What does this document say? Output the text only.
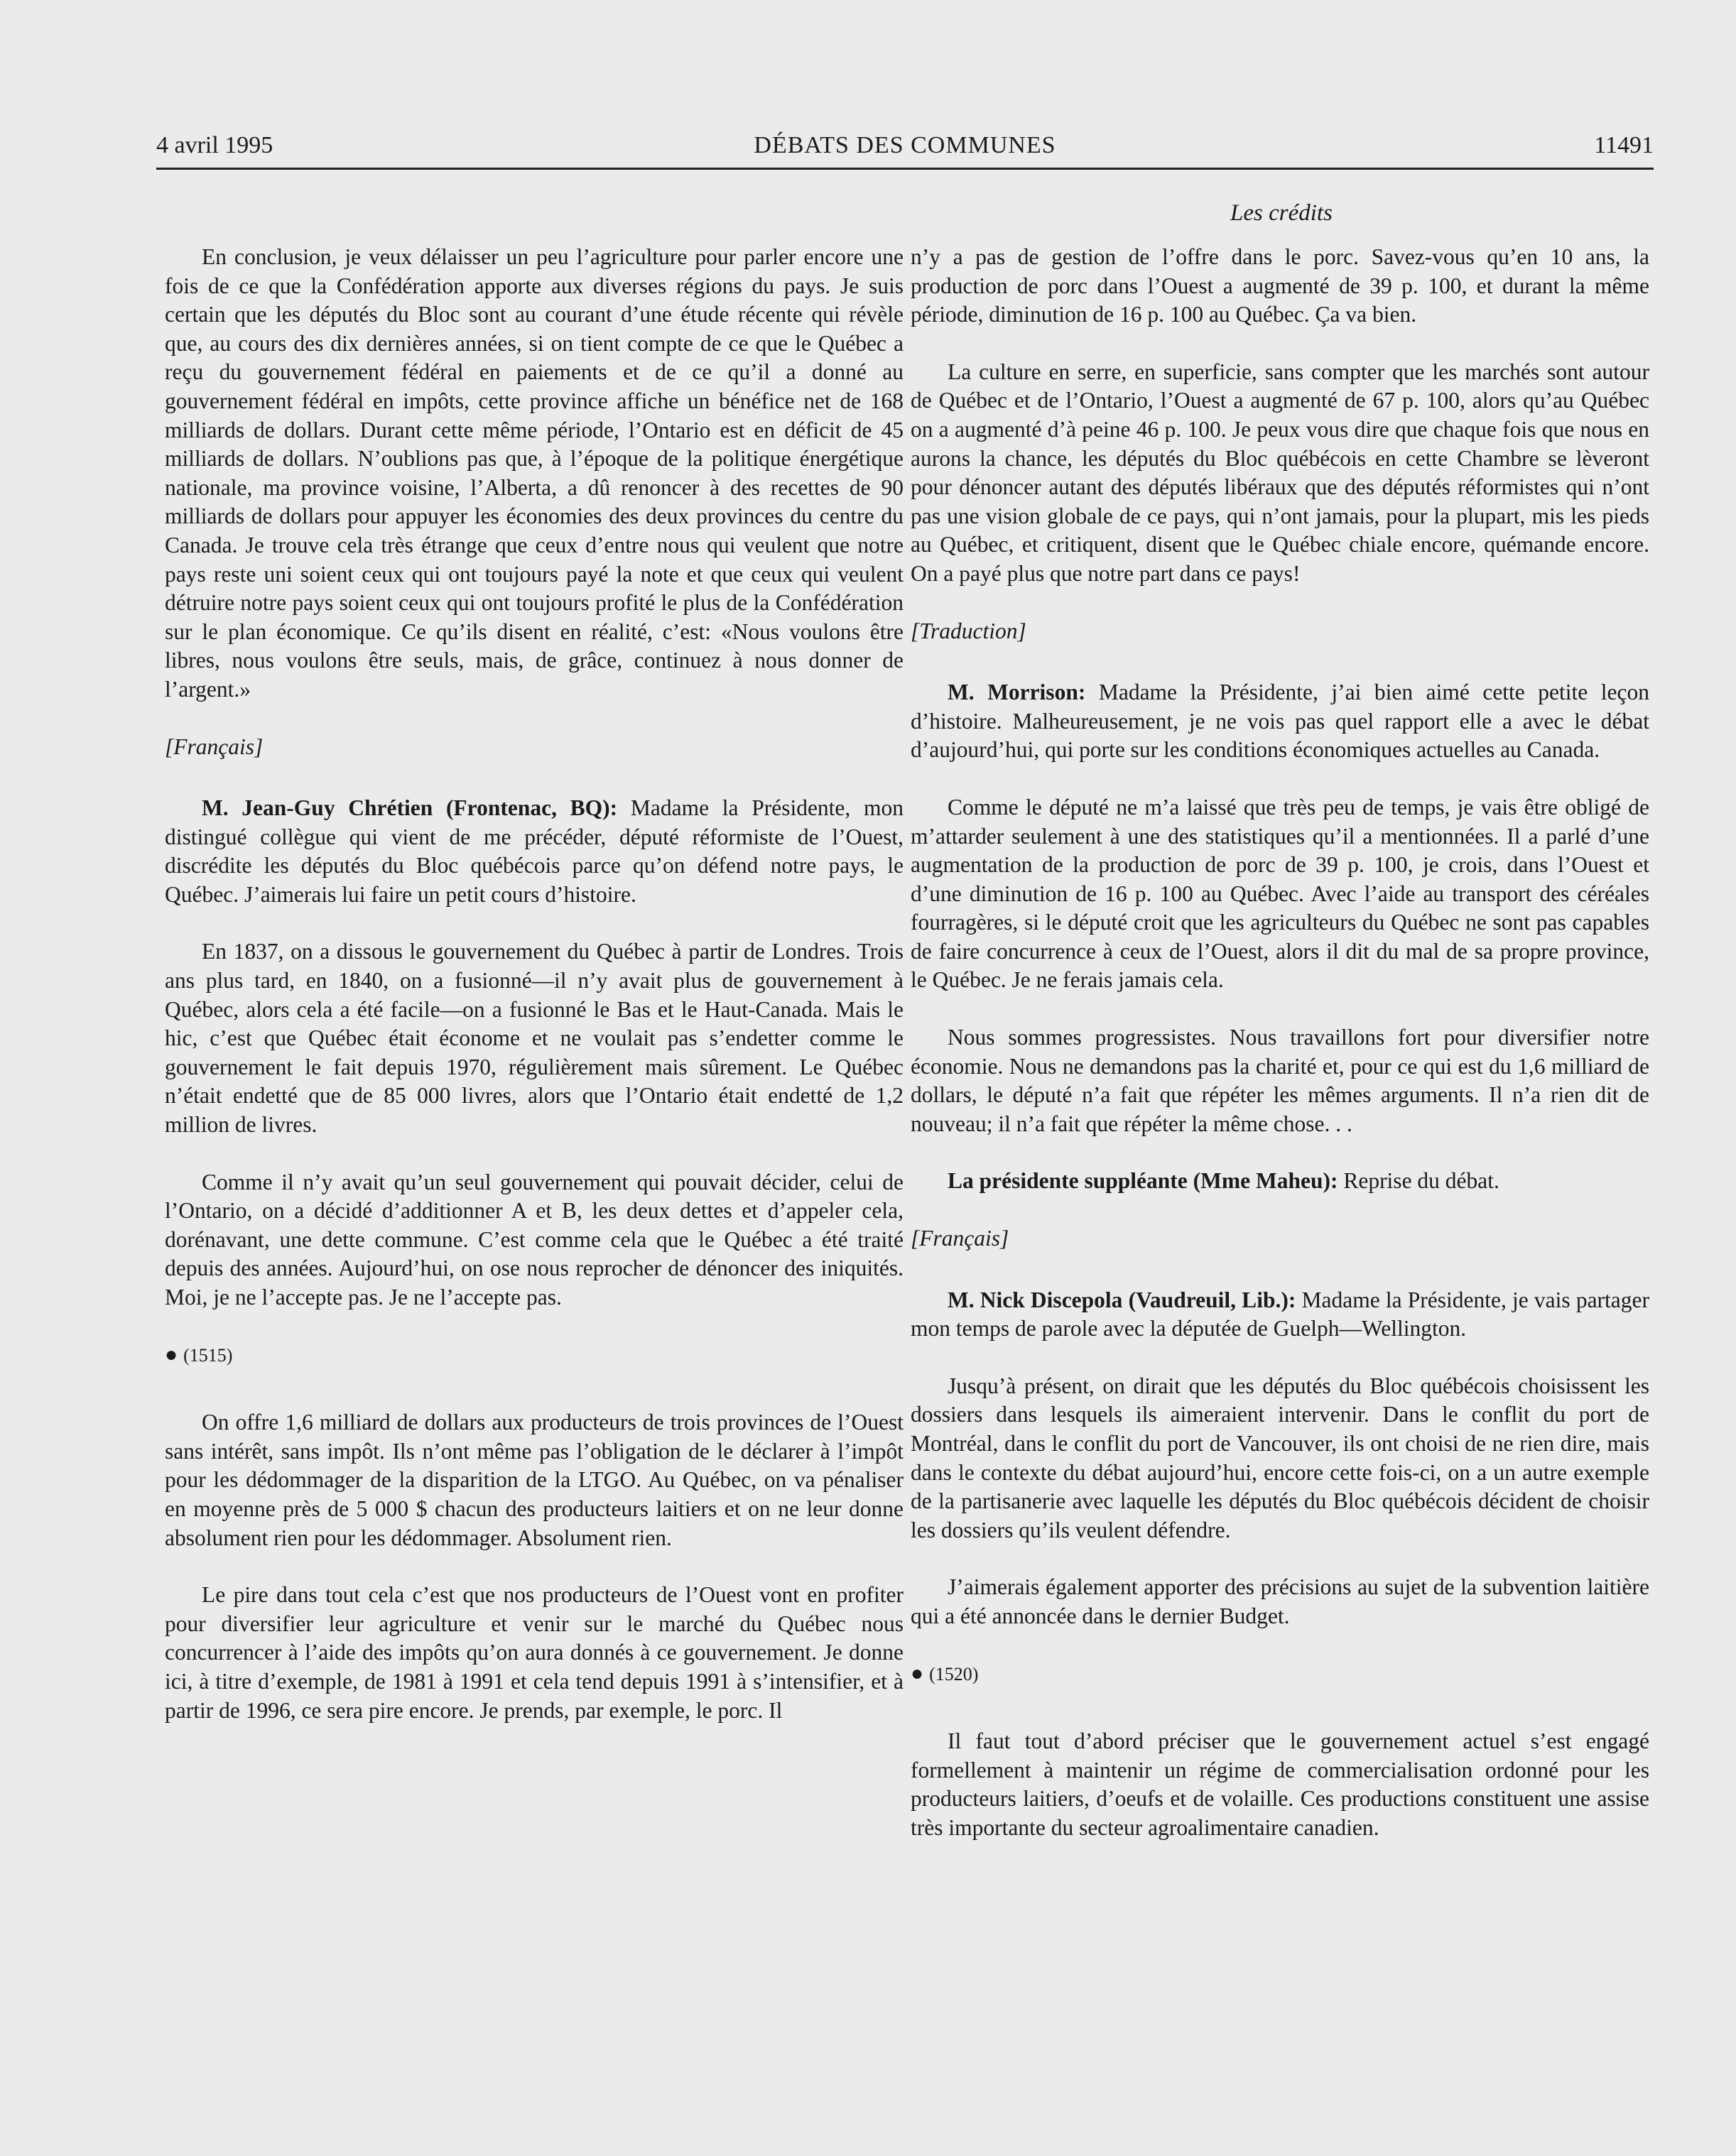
4 avril 1995	DÉBATS DES COMMUNES	11491
Les crédits

En conclusion, je veux délaisser un peu l’agriculture pour parler encore une fois de ce que la Confédération apporte aux diverses régions du pays. Je suis certain que les députés du Bloc sont au courant d’une étude récente qui révèle que, au cours des dix dernières années, si on tient compte de ce que le Québec a reçu du gouvernement fédéral en paiements et de ce qu’il a donné au gouvernement fédéral en impôts, cette province affiche un bénéfice net de 168 milliards de dollars. Durant cette même période, l’Ontario est en déficit de 45 milliards de dollars. N’oublions pas que, à l’époque de la politique énergétique nationale, ma province voisine, l’Alberta, a dû renoncer à des recettes de 90 milliards de dollars pour appuyer les économies des deux provinces du centre du Canada. Je trouve cela très étrange que ceux d’entre nous qui veulent que notre pays reste uni soient ceux qui ont toujours payé la note et que ceux qui veulent détruire notre pays soient ceux qui ont toujours profité le plus de la Confédération sur le plan économique. Ce qu’ils disent en réalité, c’est: «Nous voulons être libres, nous voulons être seuls, mais, de grâce, continuez à nous donner de l’argent.»

[Français]

M. Jean-Guy Chrétien (Frontenac, BQ): Madame la Présidente, mon distingué collègue qui vient de me précéder, député réformiste de l’Ouest, discrédite les députés du Bloc québécois parce qu’on défend notre pays, le Québec. J’aimerais lui faire un petit cours d’histoire.

En 1837, on a dissous le gouvernement du Québec à partir de Londres. Trois ans plus tard, en 1840, on a fusionné—il n’y avait plus de gouvernement à Québec, alors cela a été facile—on a fusionné le Bas et le Haut-Canada. Mais le hic, c’est que Québec était économe et ne voulait pas s’endetter comme le gouvernement le fait depuis 1970, régulièrement mais sûrement. Le Québec n’était endetté que de 85 000 livres, alors que l’Ontario était endetté de 1,2 million de livres.

Comme il n’y avait qu’un seul gouvernement qui pouvait décider, celui de l’Ontario, on a décidé d’additionner A et B, les deux dettes et d’appeler cela, dorénavant, une dette commune. C’est comme cela que le Québec a été traité depuis des années. Aujourd’hui, on ose nous reprocher de dénoncer des iniquités. Moi, je ne l’accepte pas. Je ne l’accepte pas.

● (1515)

On offre 1,6 milliard de dollars aux producteurs de trois provinces de l’Ouest sans intérêt, sans impôt. Ils n’ont même pas l’obligation de le déclarer à l’impôt pour les dédommager de la disparition de la LTGO. Au Québec, on va pénaliser en moyenne près de 5 000 $ chacun des producteurs laitiers et on ne leur donne absolument rien pour les dédommager. Absolument rien.

Le pire dans tout cela c’est que nos producteurs de l’Ouest vont en profiter pour diversifier leur agriculture et venir sur le marché du Québec nous concurrencer à l’aide des impôts qu’on aura donnés à ce gouvernement. Je donne ici, à titre d’exemple, de 1981 à 1991 et cela tend depuis 1991 à s’intensifier, et à partir de 1996, ce sera pire encore. Je prends, par exemple, le porc. Il

n’y a pas de gestion de l’offre dans le porc. Savez-vous qu’en 10 ans, la production de porc dans l’Ouest a augmenté de 39 p. 100, et durant la même période, diminution de 16 p. 100 au Québec. Ça va bien.

La culture en serre, en superficie, sans compter que les marchés sont autour de Québec et de l’Ontario, l’Ouest a augmenté de 67 p. 100, alors qu’au Québec on a augmenté d’à peine 46 p. 100. Je peux vous dire que chaque fois que nous en aurons la chance, les députés du Bloc québécois en cette Chambre se lèveront pour dénoncer autant des députés libéraux que des députés réformistes qui n’ont pas une vision globale de ce pays, qui n’ont jamais, pour la plupart, mis les pieds au Québec, et critiquent, disent que le Québec chiale encore, quémande encore. On a payé plus que notre part dans ce pays!

[Traduction]

M. Morrison: Madame la Présidente, j’ai bien aimé cette petite leçon d’histoire. Malheureusement, je ne vois pas quel rapport elle a avec le débat d’aujourd’hui, qui porte sur les conditions économiques actuelles au Canada.

Comme le député ne m’a laissé que très peu de temps, je vais être obligé de m’attarder seulement à une des statistiques qu’il a mentionnées. Il a parlé d’une augmentation de la production de porc de 39 p. 100, je crois, dans l’Ouest et d’une diminution de 16 p. 100 au Québec. Avec l’aide au transport des céréales fourragères, si le député croit que les agriculteurs du Québec ne sont pas capables de faire concurrence à ceux de l’Ouest, alors il dit du mal de sa propre province, le Québec. Je ne ferais jamais cela.

Nous sommes progressistes. Nous travaillons fort pour diversifier notre économie. Nous ne demandons pas la charité et, pour ce qui est du 1,6 milliard de dollars, le député n’a fait que répéter les mêmes arguments. Il n’a rien dit de nouveau; il n’a fait que répéter la même chose. . .

La présidente suppléante (Mme Maheu): Reprise du débat.

[Français]

M. Nick Discepola (Vaudreuil, Lib.): Madame la Présidente, je vais partager mon temps de parole avec la députée de Guelph—Wellington.

Jusqu’à présent, on dirait que les députés du Bloc québécois choisissent les dossiers dans lesquels ils aimeraient intervenir. Dans le conflit du port de Montréal, dans le conflit du port de Vancouver, ils ont choisi de ne rien dire, mais dans le contexte du débat aujourd’hui, encore cette fois-ci, on a un autre exemple de la partisanerie avec laquelle les députés du Bloc québécois décident de choisir les dossiers qu’ils veulent défendre.

J’aimerais également apporter des précisions au sujet de la subvention laitière qui a été annoncée dans le dernier Budget.

● (1520)

Il faut tout d’abord préciser que le gouvernement actuel s’est engagé formellement à maintenir un régime de commercialisation ordonné pour les producteurs laitiers, d’oeufs et de volaille. Ces productions constituent une assise très importante du secteur agroalimentaire canadien.
